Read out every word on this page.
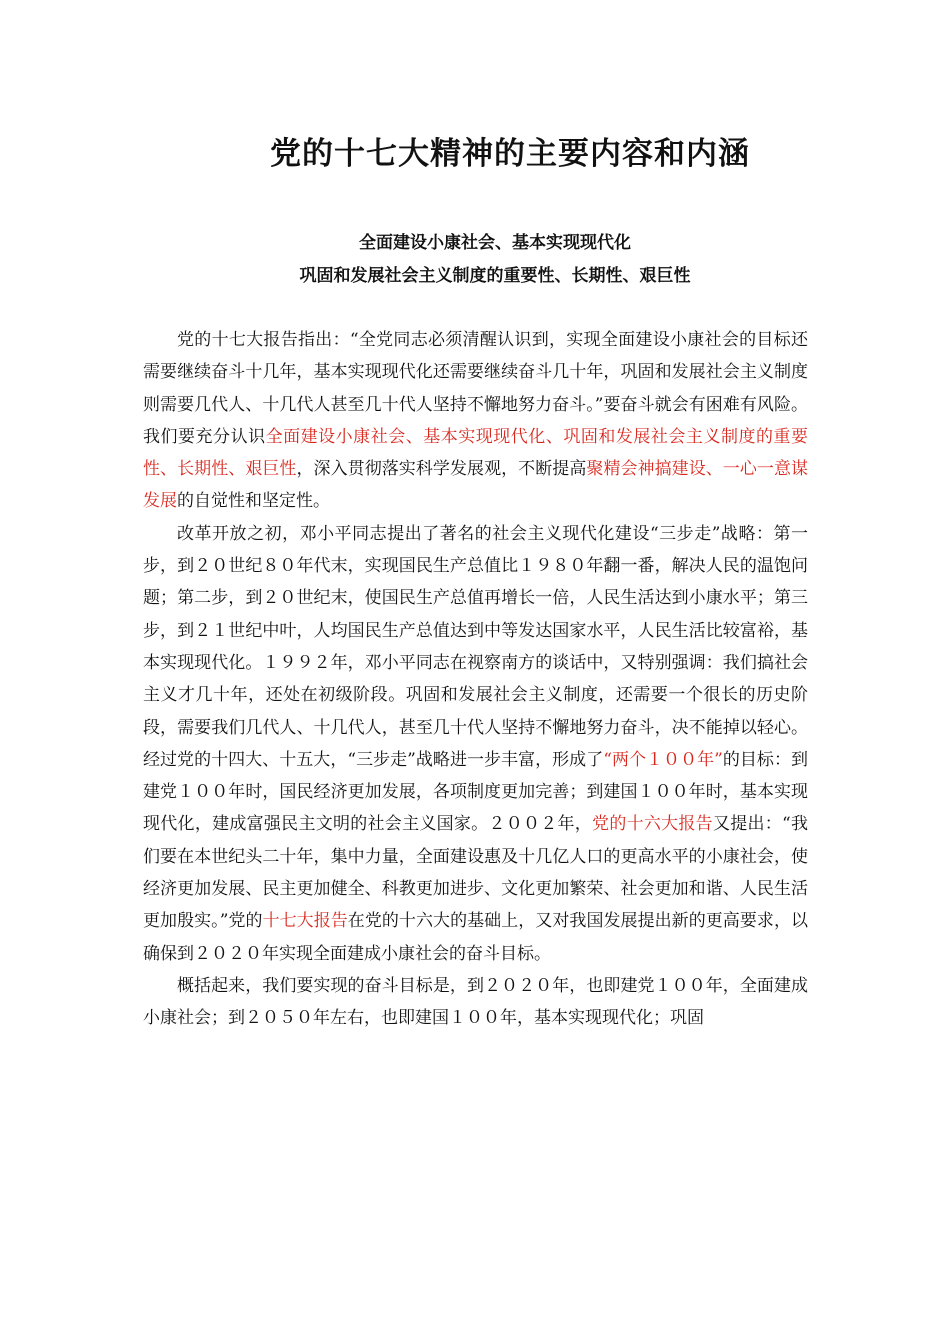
党的十七大精神的主要内容和内涵
全面建设小康社会、基本实现现代化
巩固和发展社会主义制度的重要性、长期性、艰巨性

党的十七大报告指出：“全党同志必须清醒认识到，实现全面建设小康社会的目标还需要继续奋斗十几年，基本实现现代化还需要继续奋斗几十年，巩固和发展社会主义制度则需要几代人、十几代人甚至几十代人坚持不懈地努力奋斗。”要奋斗就会有困难有风险。我们要充分认识全面建设小康社会、基本实现现代化、巩固和发展社会主义制度的重要性、长期性、艰巨性，深入贯彻落实科学发展观，不断提高聚精会神搞建设、一心一意谋发展的自觉性和坚定性。

改革开放之初，邓小平同志提出了著名的社会主义现代化建设“三步走”战略：第一步，到２０世纪８０年代末，实现国民生产总值比１９８０年翻一番，解决人民的温饱问题；第二步，到２０世纪末，使国民生产总值再增长一倍，人民生活达到小康水平；第三步，到２１世纪中叶，人均国民生产总值达到中等发达国家水平，人民生活比较富裕，基本实现现代化。１９９２年，邓小平同志在视察南方的谈话中，又特别强调：我们搞社会主义才几十年，还处在初级阶段。巩固和发展社会主义制度，还需要一个很长的历史阶段，需要我们几代人、十几代人，甚至几十代人坚持不懈地努力奋斗，决不能掉以轻心。经过党的十四大、十五大，“三步走”战略进一步丰富，形成了“两个１００年”的目标：到建党１００年时，国民经济更加发展，各项制度更加完善；到建国１００年时，基本实现现代化，建成富强民主文明的社会主义国家。２００２年，党的十六大报告又提出：“我们要在本世纪头二十年，集中力量，全面建设惠及十几亿人口的更高水平的小康社会，使经济更加发展、民主更加健全、科教更加进步、文化更加繁荣、社会更加和谐、人民生活更加殷实。”党的十七大报告在党的十六大的基础上，又对我国发展提出新的更高要求，以确保到２０２０年实现全面建成小康社会的奋斗目标。

概括起来，我们要实现的奋斗目标是，到２０２０年，也即建党１００年，全面建成小康社会；到２０５０年左右，也即建国１００年，基本实现现代化；巩固
